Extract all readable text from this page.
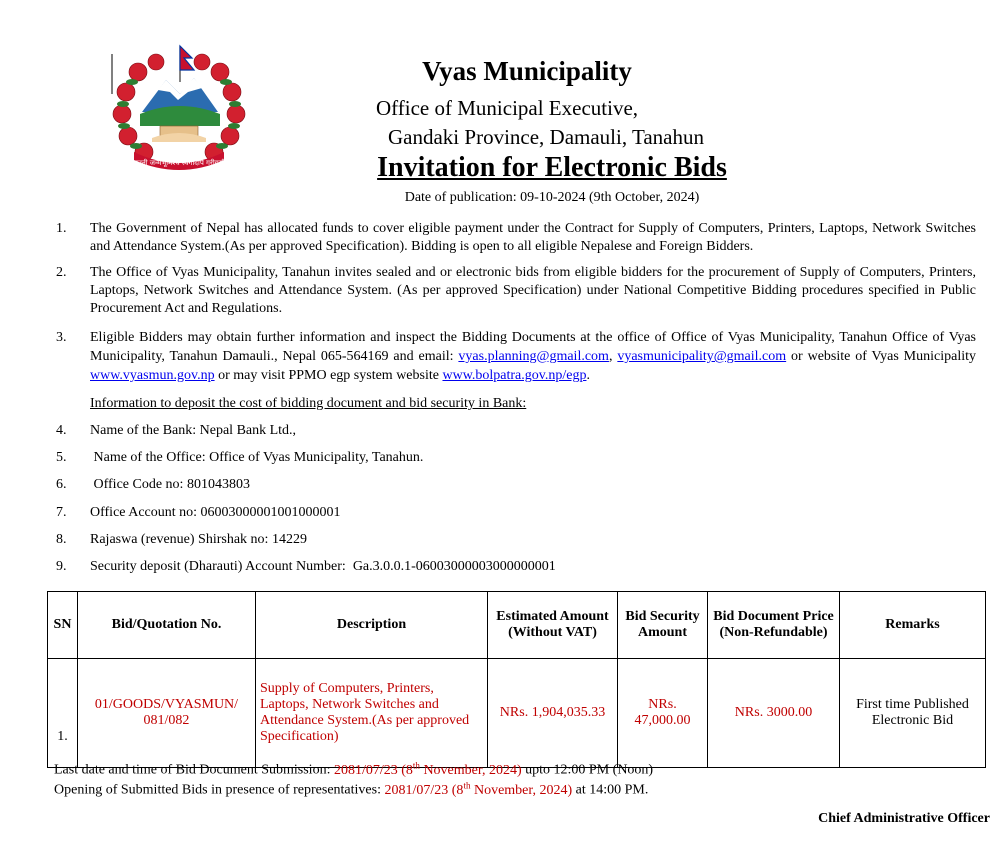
जननी जन्मभूमिश्च स्वर्गादपि गरीयसी
Vyas Municipality
Office of Municipal Executive,
Gandaki Province, Damauli, Tanahun
Invitation for Electronic Bids
Date of publication: 09-10-2024 (9th October, 2024)
1. The Government of Nepal has allocated funds to cover eligible payment under the Contract for Supply of Computers, Printers, Laptops, Network Switches and Attendance System.(As per approved Specification). Bidding is open to all eligible Nepalese and Foreign Bidders.
2. The Office of Vyas Municipality, Tanahun invites sealed and or electronic bids from eligible bidders for the procurement of Supply of Computers, Printers, Laptops, Network Switches and Attendance System. (As per approved Specification) under National Competitive Bidding procedures specified in Public Procurement Act and Regulations.
3. Eligible Bidders may obtain further information and inspect the Bidding Documents at the office of Office of Vyas Municipality, Tanahun Office of Vyas Municipality, Tanahun Damauli., Nepal 065-564169 and email: vyas.planning@gmail.com, vyasmunicipality@gmail.com or website of Vyas Municipality www.vyasmun.gov.np or may visit PPMO egp system website www.bolpatra.gov.np/egp.
Information to deposit the cost of bidding document and bid security in Bank:
4. Name of the Bank: Nepal Bank Ltd.,
5. Name of the Office: Office of Vyas Municipality, Tanahun.
6. Office Code no: 801043803
7. Office Account no: 06003000001001000001
8. Rajaswa (revenue) Shirshak no: 14229
9. Security deposit (Dharauti) Account Number:  Ga.3.0.0.1-06003000003000000001
SN	Bid/Quotation No.	Description	Estimated Amount (Without VAT)	Bid Security Amount	Bid Document Price (Non-Refundable)	Remarks
1.	01/GOODS/VYASMUN/ 081/082	Supply of Computers, Printers, Laptops, Network Switches and Attendance System.(As per approved Specification)	NRs. 1,904,035.33	NRs. 47,000.00	NRs. 3000.00	First time Published Electronic Bid
Last date and time of Bid Document Submission: 2081/07/23 (8th November, 2024) upto 12:00 PM (Noon)
Opening of Submitted Bids in presence of representatives: 2081/07/23 (8th November, 2024) at 14:00 PM.
Chief Administrative Officer
